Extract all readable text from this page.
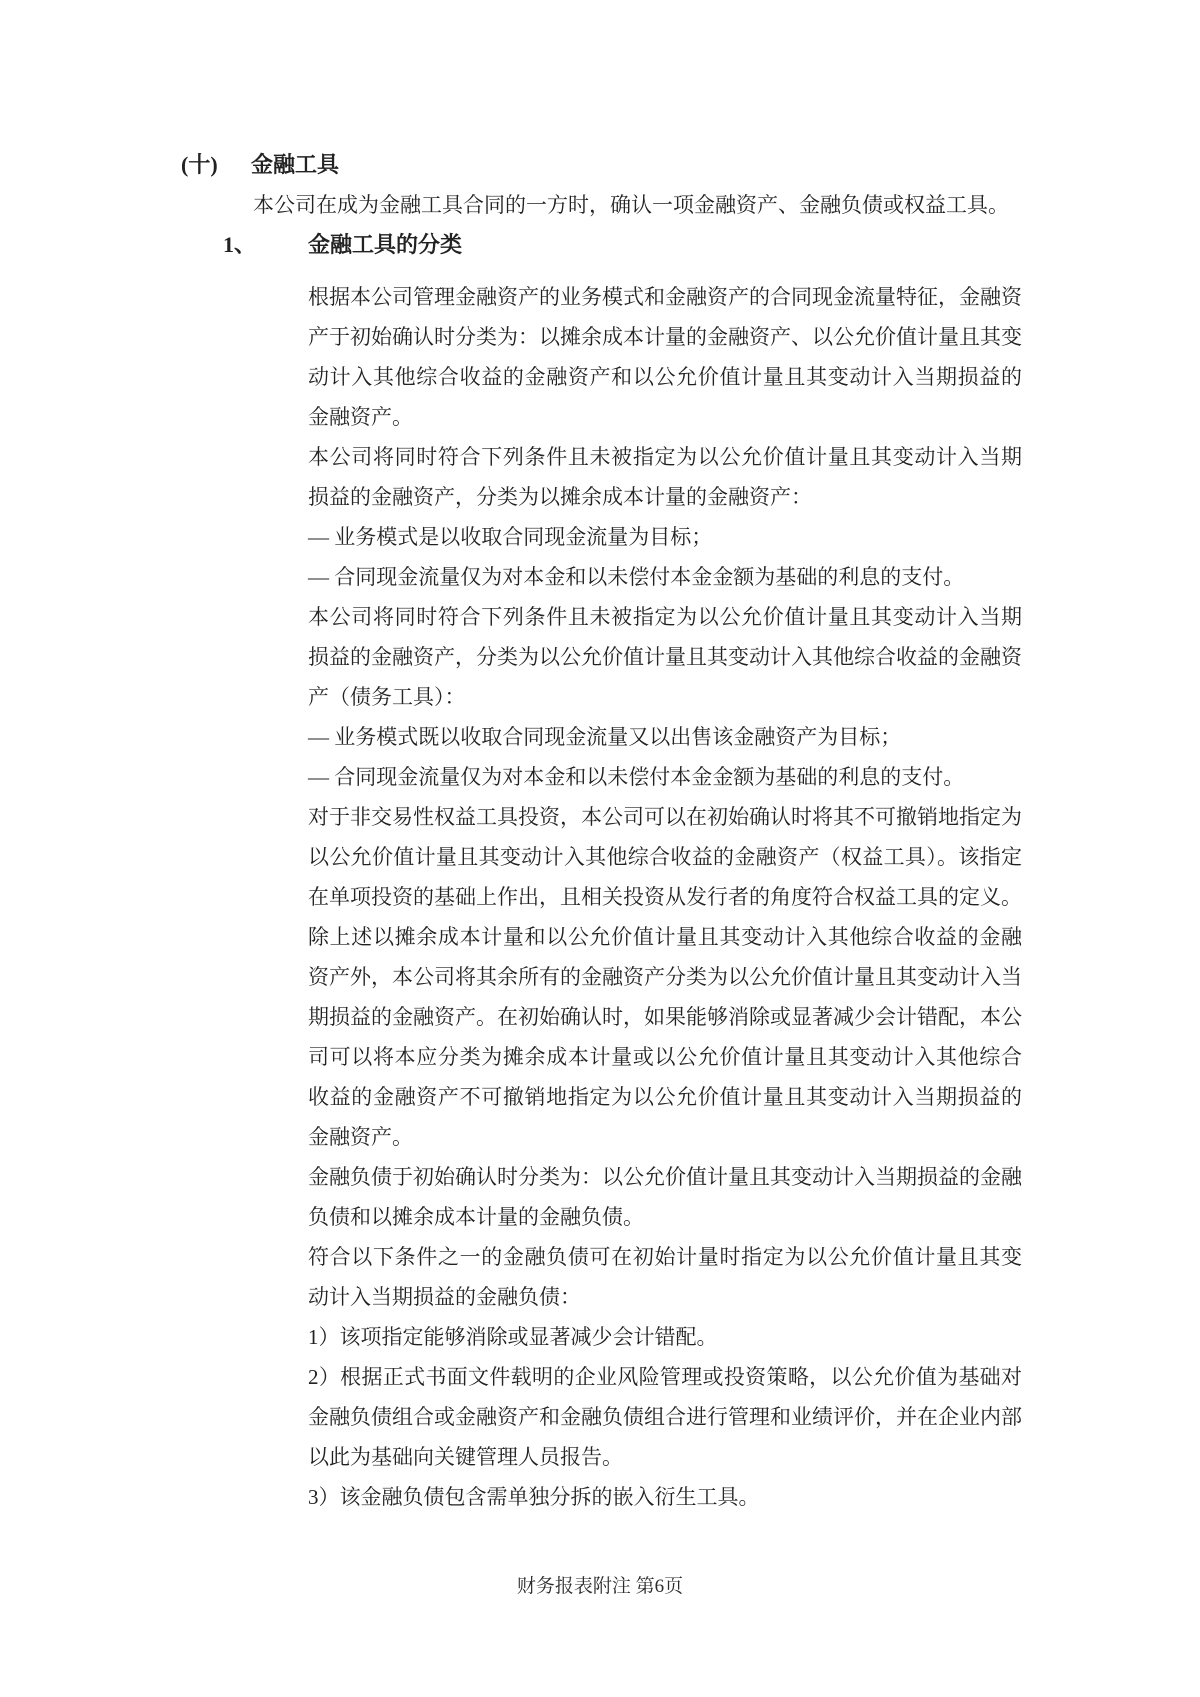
(十) 金融工具
本公司在成为金融工具合同的一方时，确认一项金融资产、金融负债或权益工具。
1、 金融工具的分类
根据本公司管理金融资产的业务模式和金融资产的合同现金流量特征，金融资
产于初始确认时分类为：以摊余成本计量的金融资产、以公允价值计量且其变
动计入其他综合收益的金融资产和以公允价值计量且其变动计入当期损益的
金融资产。
本公司将同时符合下列条件且未被指定为以公允价值计量且其变动计入当期
损益的金融资产，分类为以摊余成本计量的金融资产：
— 业务模式是以收取合同现金流量为目标；
— 合同现金流量仅为对本金和以未偿付本金金额为基础的利息的支付。
本公司将同时符合下列条件且未被指定为以公允价值计量且其变动计入当期
损益的金融资产，分类为以公允价值计量且其变动计入其他综合收益的金融资
产（债务工具）：
— 业务模式既以收取合同现金流量又以出售该金融资产为目标；
— 合同现金流量仅为对本金和以未偿付本金金额为基础的利息的支付。
对于非交易性权益工具投资，本公司可以在初始确认时将其不可撤销地指定为
以公允价值计量且其变动计入其他综合收益的金融资产（权益工具）。该指定
在单项投资的基础上作出，且相关投资从发行者的角度符合权益工具的定义。
除上述以摊余成本计量和以公允价值计量且其变动计入其他综合收益的金融
资产外，本公司将其余所有的金融资产分类为以公允价值计量且其变动计入当
期损益的金融资产。在初始确认时，如果能够消除或显著减少会计错配，本公
司可以将本应分类为摊余成本计量或以公允价值计量且其变动计入其他综合
收益的金融资产不可撤销地指定为以公允价值计量且其变动计入当期损益的
金融资产。
金融负债于初始确认时分类为：以公允价值计量且其变动计入当期损益的金融
负债和以摊余成本计量的金融负债。
符合以下条件之一的金融负债可在初始计量时指定为以公允价值计量且其变
动计入当期损益的金融负债：
1）该项指定能够消除或显著减少会计错配。
2）根据正式书面文件载明的企业风险管理或投资策略，以公允价值为基础对
金融负债组合或金融资产和金融负债组合进行管理和业绩评价，并在企业内部
以此为基础向关键管理人员报告。
3）该金融负债包含需单独分拆的嵌入衍生工具。
财务报表附注 第6页
